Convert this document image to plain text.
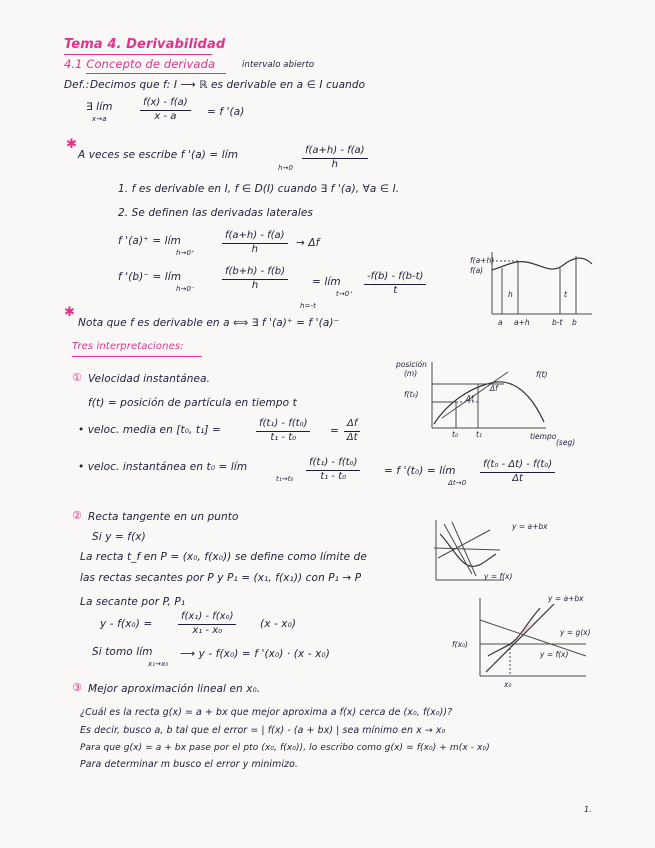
Tema 4. Derivabilidad
4.1 Concepto de derivada	intervalo abierto
Def.: Decimos que f: I ⟶ ℝ es derivable en a ∈ I cuando
∃ lím
x→a	$\frac{f(x) - f(a)}{x - a} = f$ '(a)
✱
A veces se escribe f '(a) = lím
$h\to 0 \frac{f(a+h) - f(a)}{h}$
1. f es derivable en I, f ∈ D(I) cuando ∃ f '(a), ∀a ∈ I.
2. Se definen las derivadas laterales
f '(a)⁺ = lím
h→0⁺	$\frac{f(a+h) - f(a)}{h} \to \Delta f$
f '(b)⁻ = lím
h→0⁻	$\frac{f(b+h) - f(b)}{h}$ = lím
t→0⁺
h=-t
$\frac{-f(b) - f(b-t)}{t}$
✱
Nota que f es derivable en a ⟺ ∃ f '(a)⁺ = f '(a)⁻
Tres interpretaciones:
① Velocidad instantánea.
f(t) = posición de partícula en tiempo t
• veloc. media en [t₀, t₁] =	$\frac{\text{f(t₁) - f(t₀)}}{\text{t₁ - t₀}} = \frac{\Delta f}{\Delta t}$
• veloc. instantánea en t₀ = lím
$t_1\to t_0 \frac{\text{f(t₁) - f(t₀)}}{\text{t₁ - t₀}} = f$ '(t₀) = lím
$\Delta t\to 0 \frac{\text{f(t₀ - Δt) - f(t₀)}}{\Delta t}$
② Recta tangente en un punto
Si y = f(x)
La recta t_f en P = (x₀, f(x₀)) se define como límite de
las rectas secantes por P y P₁ = (x₁, f(x₁)) con P₁ → P
La secante por P, P₁
y - f(x₀) =	$\frac{\text{f(x₁) - f(x₀)}}{\text{x₁ - x₀}} (x - x_0)$
Si tomo lím
x₁→x₀
⟶ y - f(x₀) = f '(x₀) · (x - x₀)
③ Mejor aproximación lineal en x₀.
¿Cuál es la recta g(x) = a + bx que mejor aproxima a f(x) cerca de (x₀, f(x₀))?
Es decir, busco a, b tal que el error = | f(x) - (a + bx) | sea mínimo en x → x₀
Para que g(x) = a + bx pase por el pto (x₀, f(x₀)), lo escribo como g(x) = f(x₀) + m(x - x₀)
Para determinar m busco el error y minimizo.
1.
f(a+h)
f(a)
h	t
a a+h	b-t b
posición
(m)
f(t₀)
f(t)
Δf
Δt
t₀ t₁	tiempo
(seg)
y = a+bx
y = f(x)
y = a+bx
y = g(x)
y = f(x)
f(x₀)
x₀
